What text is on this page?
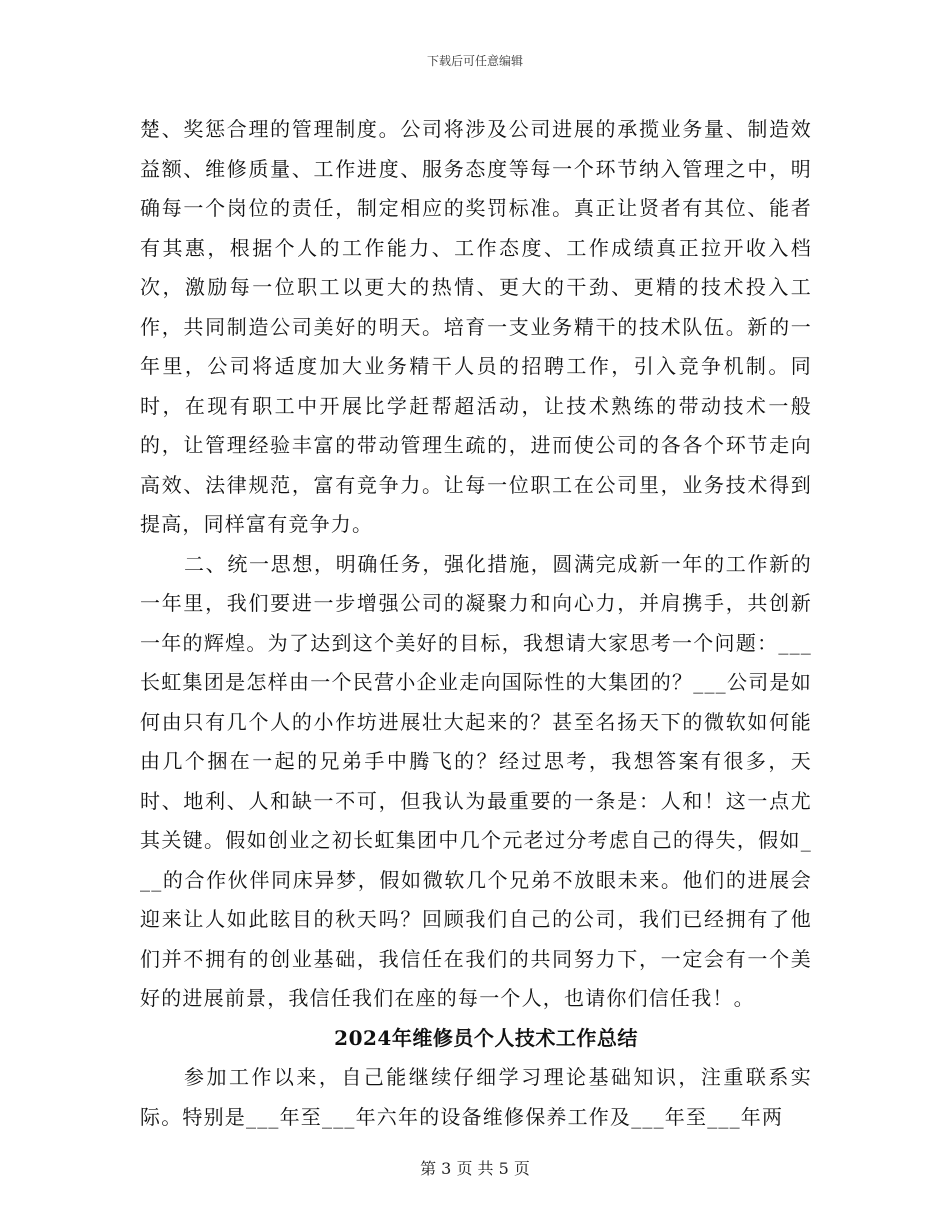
下载后可任意编辑

楚、奖惩合理的管理制度。公司将涉及公司进展的承揽业务量、制造效益额、维修质量、工作进度、服务态度等每一个环节纳入管理之中，明确每一个岗位的责任，制定相应的奖罚标准。真正让贤者有其位、能者有其惠，根据个人的工作能力、工作态度、工作成绩真正拉开收入档次，激励每一位职工以更大的热情、更大的干劲、更精的技术投入工作，共同制造公司美好的明天。培育一支业务精干的技术队伍。新的一年里，公司将适度加大业务精干人员的招聘工作，引入竞争机制。同时，在现有职工中开展比学赶帮超活动，让技术熟练的带动技术一般的，让管理经验丰富的带动管理生疏的，进而使公司的各各个环节走向高效、法律规范，富有竞争力。让每一位职工在公司里，业务技术得到提高，同样富有竞争力。

二、统一思想，明确任务，强化措施，圆满完成新一年的工作新的一年里，我们要进一步增强公司的凝聚力和向心力，并肩携手，共创新一年的辉煌。为了达到这个美好的目标，我想请大家思考一个问题：___长虹集团是怎样由一个民营小企业走向国际性的大集团的？___公司是如何由只有几个人的小作坊进展壮大起来的？甚至名扬天下的微软如何能由几个捆在一起的兄弟手中腾飞的？经过思考，我想答案有很多，天时、地利、人和缺一不可，但我认为最重要的一条是：人和！这一点尤其关键。假如创业之初长虹集团中几个元老过分考虑自己的得失，假如___的合作伙伴同床异梦，假如微软几个兄弟不放眼未来。他们的进展会迎来让人如此眩目的秋天吗？回顾我们自己的公司，我们已经拥有了他们并不拥有的创业基础，我信任在我们的共同努力下，一定会有一个美好的进展前景，我信任我们在座的每一个人，也请你们信任我！。

2024年维修员个人技术工作总结

参加工作以来，自己能继续仔细学习理论基础知识，注重联系实际。特别是___年至___年六年的设备维修保养工作及___年至___年两

第 3 页 共 5 页
